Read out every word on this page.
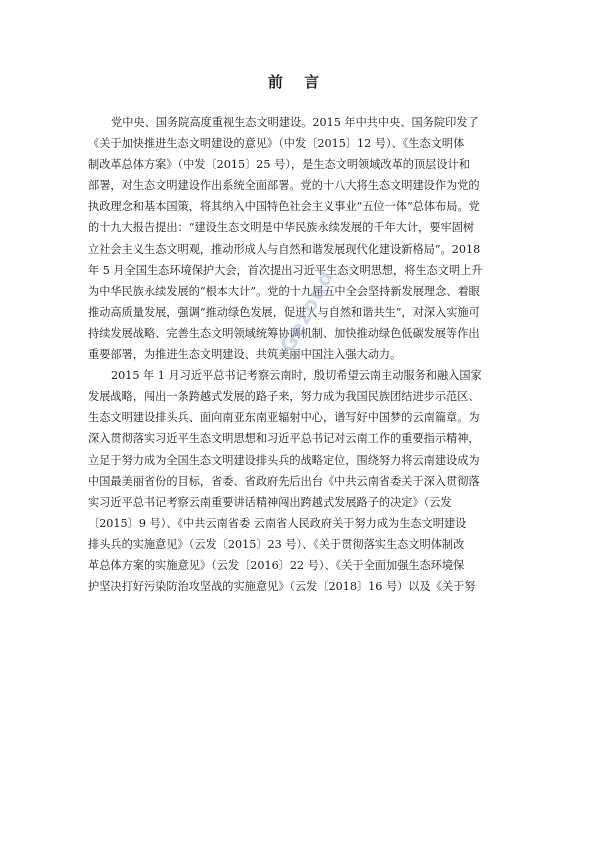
前 言
党中央、国务院高度重视生态文明建设。2015 年中共中央、国务院印发了
《关于加快推进生态文明建设的意见》（中发〔2015〕12 号）、《生态文明体
制改革总体方案》（中发〔2015〕25 号），是生态文明领域改革的顶层设计和
部署，对生态文明建设作出系统全面部署。党的十八大将生态文明建设作为党的
执政理念和基本国策，将其纳入中国特色社会主义事业“五位一体”总体布局。党
的十九大报告提出：“建设生态文明是中华民族永续发展的千年大计，要牢固树
立社会主义生态文明观，推动形成人与自然和谐发展现代化建设新格局”。2018
年 5 月全国生态环境保护大会，首次提出习近平生态文明思想，将生态文明上升
为中华民族永续发展的“根本大计”。党的十九届五中全会坚持新发展理念、着眼
推动高质量发展，强调“推动绿色发展，促进人与自然和谐共生”，对深入实施可
持续发展战略、完善生态文明领域统筹协调机制、加快推动绿色低碳发展等作出
重要部署，为推进生态文明建设、共筑美丽中国注入强大动力。
2015 年 1 月习近平总书记考察云南时，殷切希望云南主动服务和融入国家
发展战略，闯出一条跨越式发展的路子来，努力成为我国民族团结进步示范区、
生态文明建设排头兵、面向南亚东南亚辐射中心，谱写好中国梦的云南篇章。为
深入贯彻落实习近平生态文明思想和习近平总书记对云南工作的重要指示精神，
立足于努力成为全国生态文明建设排头兵的战略定位，围绕努力将云南建设成为
中国最美丽省份的目标，省委、省政府先后出台《中共云南省委关于深入贯彻落
实习近平总书记考察云南重要讲话精神闯出跨越式发展路子的决定》（云发
〔2015〕9 号）、《中共云南省委 云南省人民政府关于努力成为生态文明建设
排头兵的实施意见》（云发〔2015〕23 号）、《关于贯彻落实生态文明体制改
革总体方案的实施意见》（云发〔2016〕22 号）、《关于全面加强生态环境保
护坚决打好污染防治攻坚战的实施意见》（云发〔2018〕16 号）以及《关于努
Gezoud
